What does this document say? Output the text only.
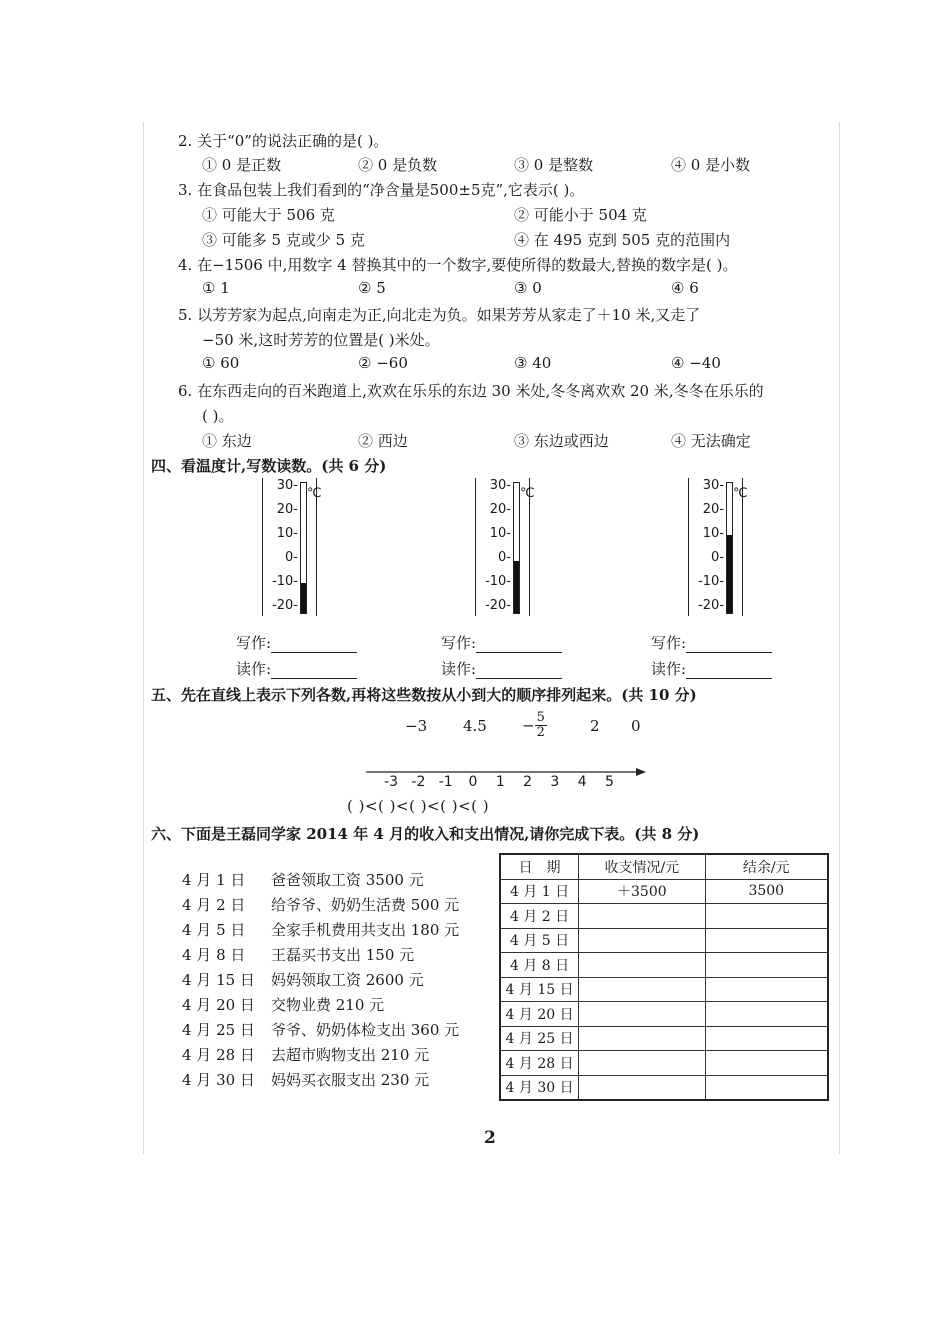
2. 关于“0”的说法正确的是( )。
① 0 是正数	② 0 是负数	③ 0 是整数	④ 0 是小数
3. 在食品包装上我们看到的“净含量是500±5克”,它表示( )。
① 可能大于 506 克	② 可能小于 504 克
③ 可能多 5 克或少 5 克	④ 在 495 克到 505 克的范围内
4. 在−1506 中,用数字 4 替换其中的一个数字,要使所得的数最大,替换的数字是( )。
① 1	② 5	③ 0	④ 6
5. 以芳芳家为起点,向南走为正,向北走为负。如果芳芳从家走了＋10 米,又走了
−50 米,这时芳芳的位置是( )米处。
① 60	② −60	③ 40	④ −40
6. 在东西走向的百米跑道上,欢欢在乐乐的东边 30 米处,冬冬离欢欢 20 米,冬冬在乐乐的
( )。
① 东边	② 西边	③ 东边或西边	④ 无法确定
四、看温度计,写数读数。(共 6 分)
30-
20-
10-
0-
-10-
-20-
℃
30-
20-
10-
0-
-10-
-20-
℃
30-
20-
10-
0-
-10-
-20-
℃
写作:
读作:
写作:
读作:
写作:
读作:
五、先在直线上表示下列各数,再将这些数按从小到大的顺序排列起来。(共 10 分)
−3 $4.5 - \frac{5}{2}$	2 0
-3 -2 -1	0	1	2	3	4	5
( )<( )<( )<( )<( )
六、下面是王磊同学家 2014 年 4 月的收入和支出情况,请你完成下表。(共 8 分)
4 月 1 日 爸爸领取工资 3500 元
4 月 2 日 给爷爷、奶奶生活费 500 元
4 月 5 日 全家手机费用共支出 180 元
4 月 8 日 王磊买书支出 150 元
4 月 15 日 妈妈领取工资 2600 元
4 月 20 日 交物业费 210 元
4 月 25 日 爷爷、奶奶体检支出 360 元
4 月 28 日 去超市购物支出 210 元
4 月 30 日 妈妈买衣服支出 230 元
日　期	收支情况/元	结余/元
4 月 1 日	＋3500	3500
4 月 2 日		
4 月 5 日		
4 月 8 日		
4 月 15 日		
4 月 20 日		
4 月 25 日		
4 月 28 日		
4 月 30 日		
2
